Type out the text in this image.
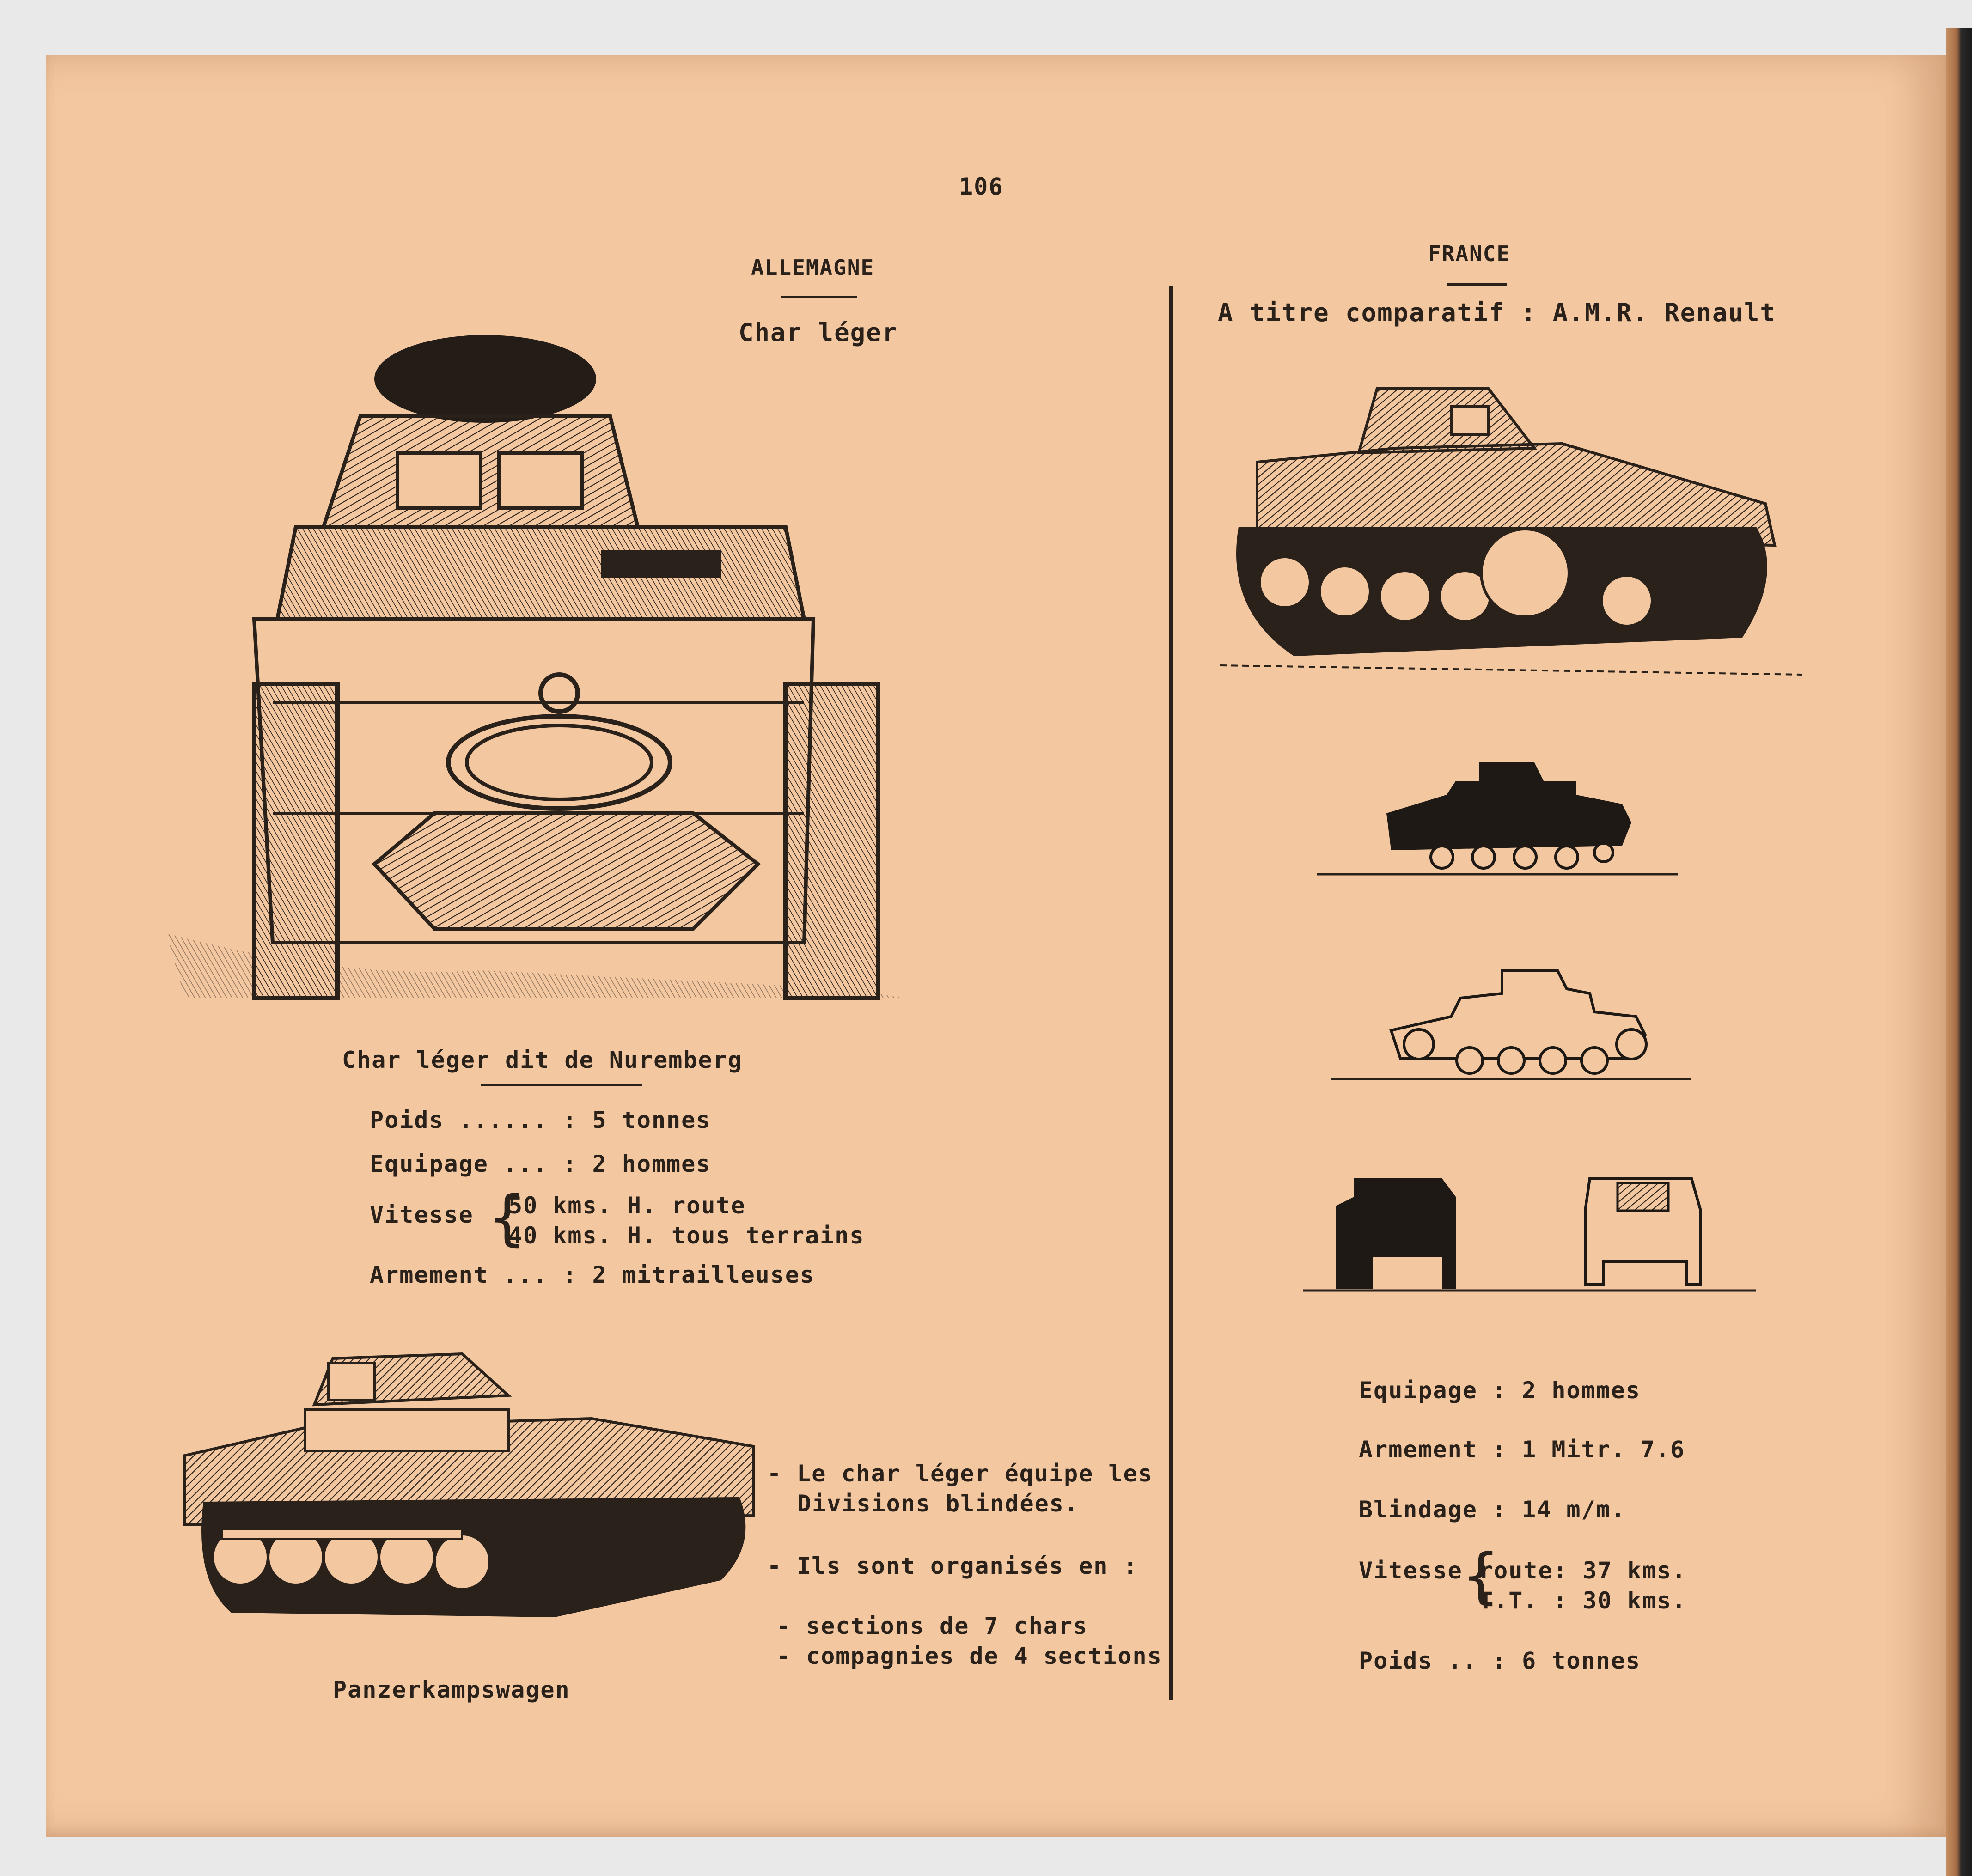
106
ALLEMAGNE
Char léger
Char léger dit de Nuremberg
Poids ...... : 5 tonnes
Equipage ... : 2 hommes
Vitesse {
50 kms. H. route
40 kms. H. tous terrains
Armement ... : 2 mitrailleuses
Panzerkampswagen
- Le char léger équipe les
Divisions blindées.
- Ils sont organisés en :
- sections de 7 chars
- compagnies de 4 sections
FRANCE
A titre comparatif : A.M.R. Renault
Equipage : 2 hommes
Armement : 1 Mitr. 7.6
Blindage : 14 m/m.
Vitesse {
route: 37 kms.
T.T. : 30 kms.
Poids .. : 6 tonnes
